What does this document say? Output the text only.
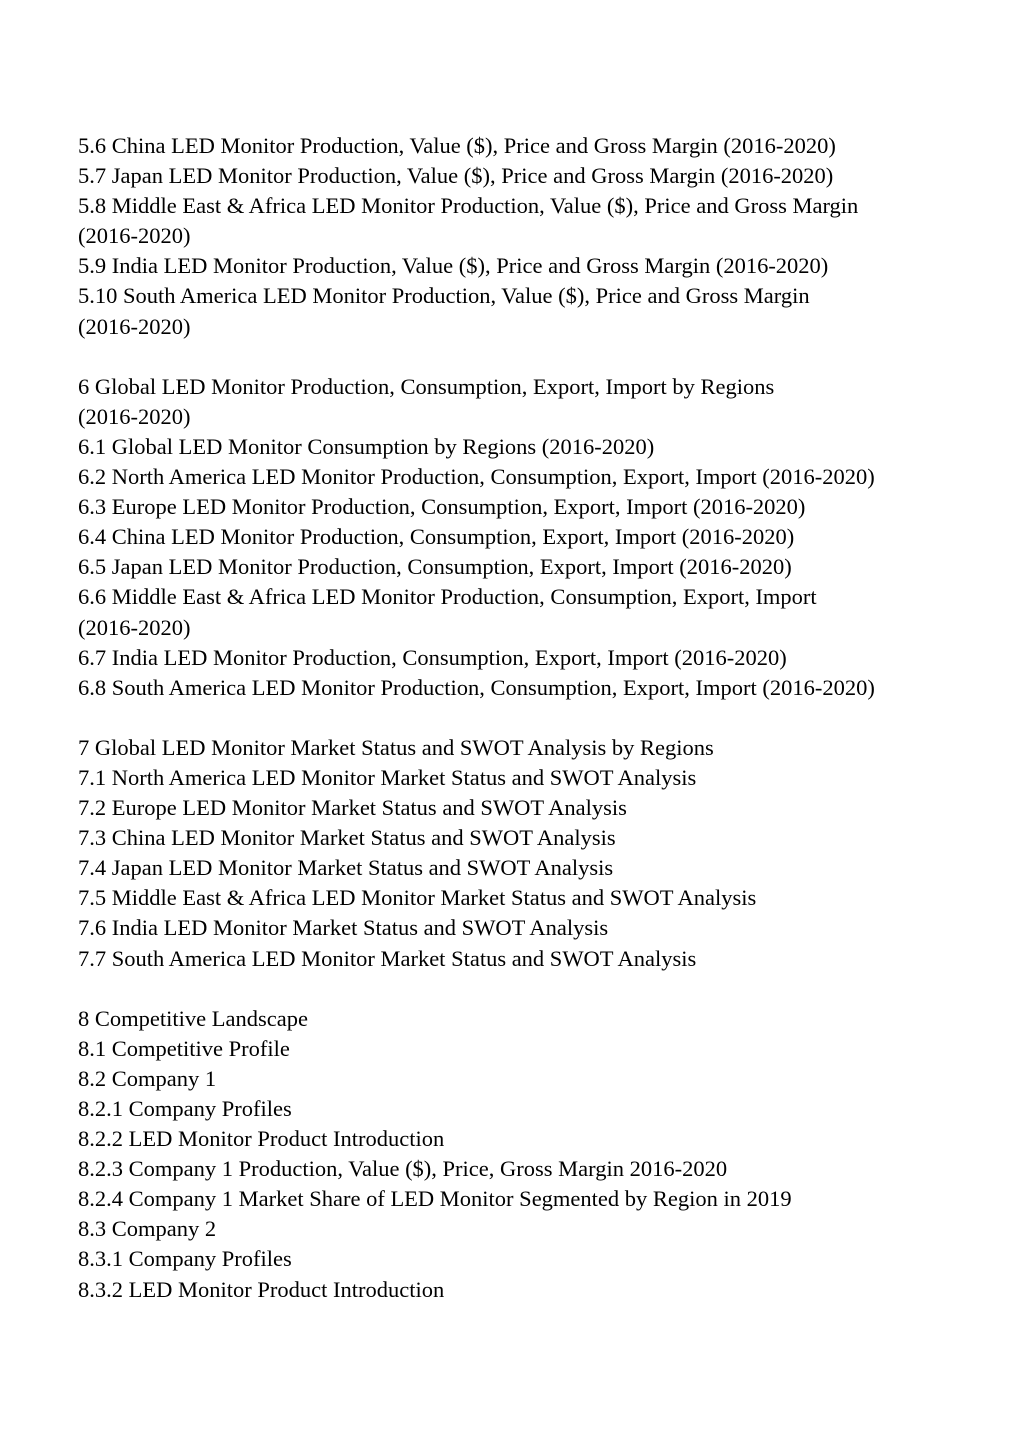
5.6 China LED Monitor Production, Value ($), Price and Gross Margin (2016-2020)
5.7 Japan LED Monitor Production, Value ($), Price and Gross Margin (2016-2020)
5.8 Middle East & Africa LED Monitor Production, Value ($), Price and Gross Margin
(2016-2020)
5.9 India LED Monitor Production, Value ($), Price and Gross Margin (2016-2020)
5.10 South America LED Monitor Production, Value ($), Price and Gross Margin
(2016-2020)
6 Global LED Monitor Production, Consumption, Export, Import by Regions
(2016-2020)
6.1 Global LED Monitor Consumption by Regions (2016-2020)
6.2 North America LED Monitor Production, Consumption, Export, Import (2016-2020)
6.3 Europe LED Monitor Production, Consumption, Export, Import (2016-2020)
6.4 China LED Monitor Production, Consumption, Export, Import (2016-2020)
6.5 Japan LED Monitor Production, Consumption, Export, Import (2016-2020)
6.6 Middle East & Africa LED Monitor Production, Consumption, Export, Import
(2016-2020)
6.7 India LED Monitor Production, Consumption, Export, Import (2016-2020)
6.8 South America LED Monitor Production, Consumption, Export, Import (2016-2020)
7 Global LED Monitor Market Status and SWOT Analysis by Regions
7.1 North America LED Monitor Market Status and SWOT Analysis
7.2 Europe LED Monitor Market Status and SWOT Analysis
7.3 China LED Monitor Market Status and SWOT Analysis
7.4 Japan LED Monitor Market Status and SWOT Analysis
7.5 Middle East & Africa LED Monitor Market Status and SWOT Analysis
7.6 India LED Monitor Market Status and SWOT Analysis
7.7 South America LED Monitor Market Status and SWOT Analysis
8 Competitive Landscape
8.1 Competitive Profile
8.2 Company 1
8.2.1 Company Profiles
8.2.2 LED Monitor Product Introduction
8.2.3 Company 1 Production, Value ($), Price, Gross Margin 2016-2020
8.2.4 Company 1 Market Share of LED Monitor Segmented by Region in 2019
8.3 Company 2
8.3.1 Company Profiles
8.3.2 LED Monitor Product Introduction
